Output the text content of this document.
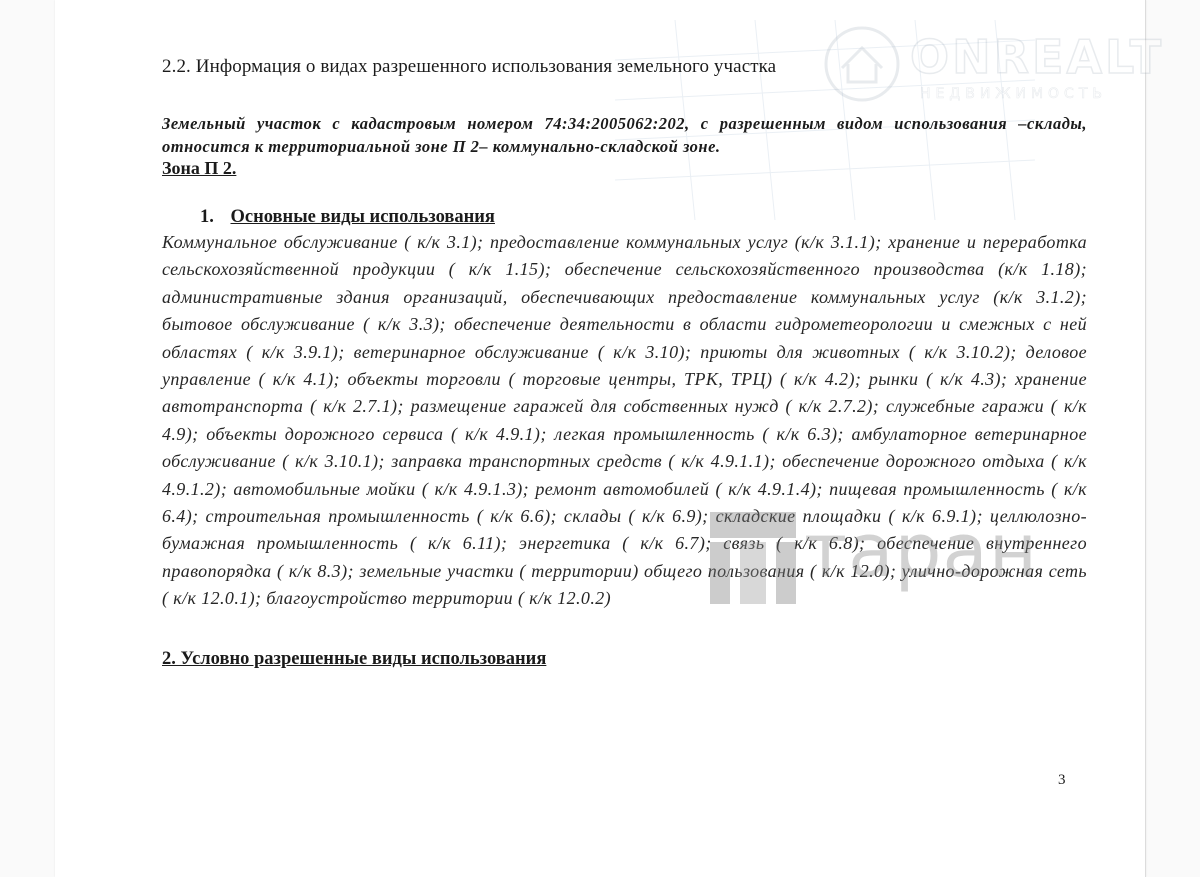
2.2. Информация о видах разрешенного использования земельного участка

Земельный участок с кадастровым номером 74:34:2005062:202, с разрешенным видом использования –склады, относится к территориальной зоне П 2– коммунально-складской зоне.
Зона П 2.
1. Основные виды использования
Коммунальное обслуживание ( к/к 3.1); предоставление коммунальных услуг (к/к 3.1.1); хранение и переработка сельскохозяйственной продукции ( к/к 1.15); обеспечение сельскохозяйственного производства (к/к 1.18); административные здания организаций, обеспечивающих предоставление коммунальных услуг (к/к 3.1.2); бытовое обслуживание ( к/к 3.3); обеспечение деятельности в области гидрометеорологии и смежных с ней областях ( к/к 3.9.1); ветеринарное обслуживание ( к/к 3.10); приюты для животных ( к/к 3.10.2); деловое управление ( к/к 4.1); объекты торговли ( торговые центры, ТРК, ТРЦ) ( к/к 4.2); рынки ( к/к 4.3); хранение автотранспорта ( к/к 2.7.1); размещение гаражей для собственных нужд ( к/к 2.7.2); служебные гаражи ( к/к 4.9); объекты дорожного сервиса ( к/к 4.9.1); легкая промышленность ( к/к 6.3); амбулаторное ветеринарное обслуживание ( к/к 3.10.1); заправка транспортных средств ( к/к 4.9.1.1); обеспечение дорожного отдыха ( к/к 4.9.1.2); автомобильные мойки ( к/к 4.9.1.3); ремонт автомобилей ( к/к 4.9.1.4); пищевая промышленность ( к/к 6.4); строительная промышленность ( к/к 6.6); склады ( к/к 6.9); складские площадки ( к/к 6.9.1); целлюлозно-бумажная промышленность ( к/к 6.11); энергетика ( к/к 6.7); связь ( к/к 6.8); обеспечение внутреннего правопорядка ( к/к 8.3); земельные участки ( территории) общего пользования ( к/к 12.0); улично-дорожная сеть ( к/к 12.0.1); благоустройство территории ( к/к 12.0.2)
2. Условно разрешенные виды использования
3
таран
ONREALT
НЕДВИЖИМОСТЬ
